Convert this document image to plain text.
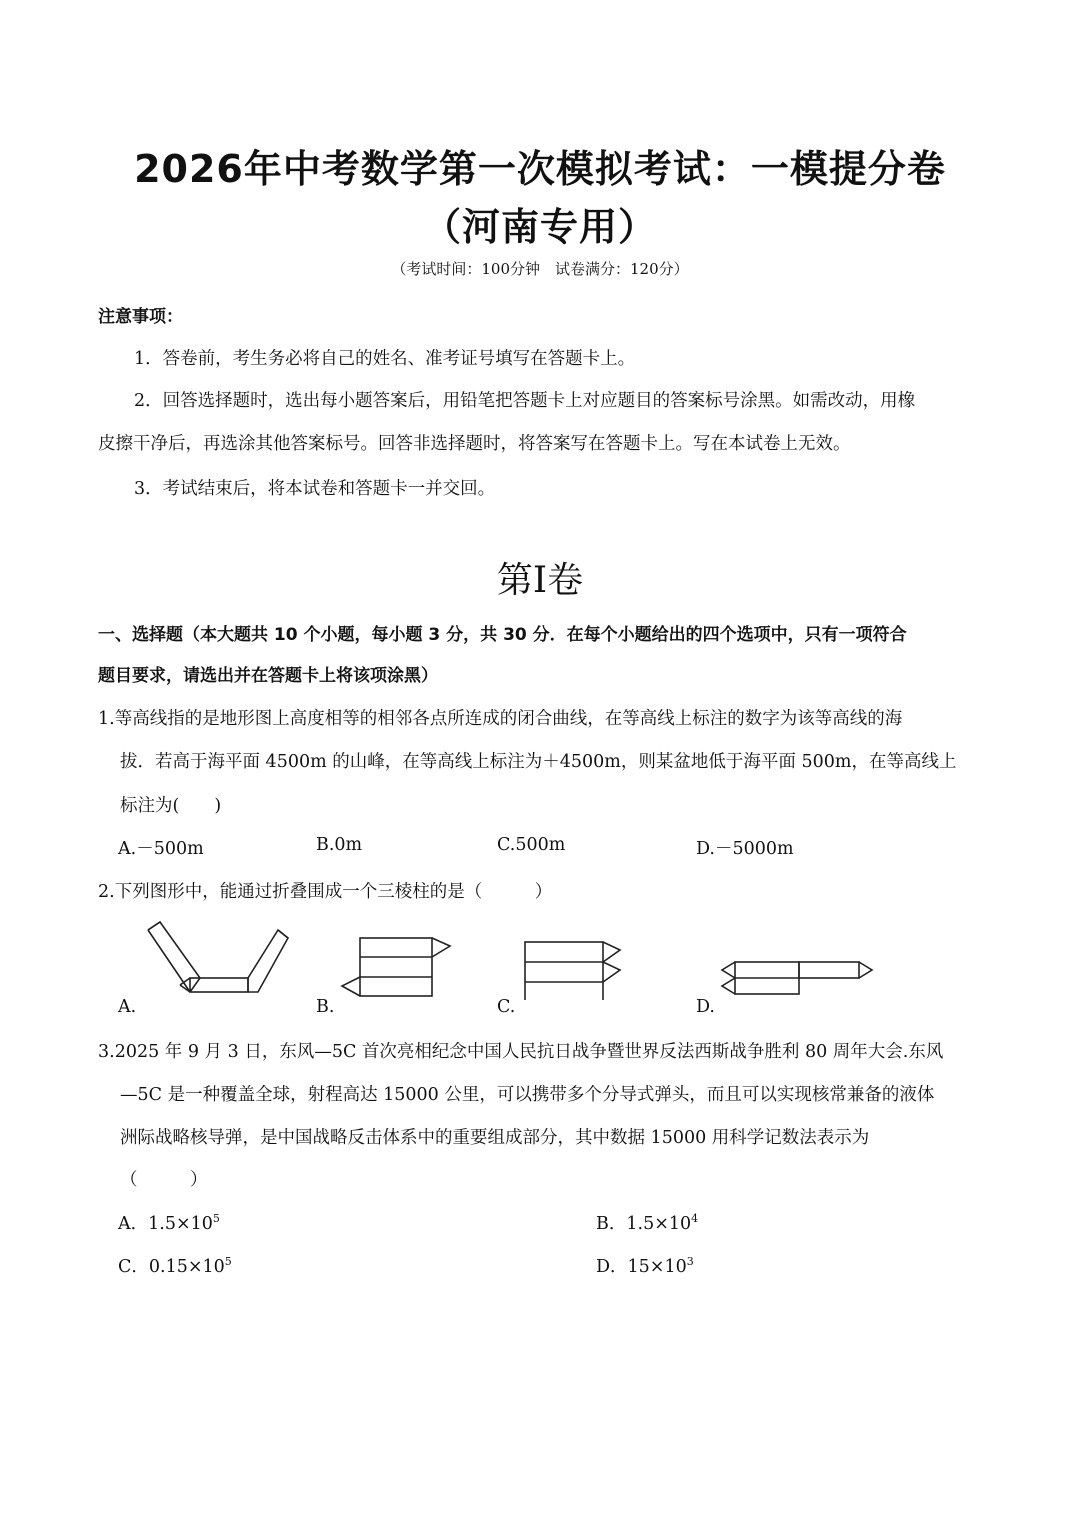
2026年中考数学第一次模拟考试：一模提分卷
（河南专用）
（考试时间：100分钟　试卷满分：120分）
注意事项：
1．答卷前，考生务必将自己的姓名、准考证号填写在答题卡上。
2．回答选择题时，选出每小题答案后，用铅笔把答题卡上对应题目的答案标号涂黑。如需改动，用橡
皮擦干净后，再选涂其他答案标号。回答非选择题时，将答案写在答题卡上。写在本试卷上无效。
3．考试结束后，将本试卷和答题卡一并交回。
第I卷
一、选择题（本大题共 10 个小题，每小题 3 分，共 30 分．在每个小题给出的四个选项中，只有一项符合
题目要求，请选出并在答题卡上将该项涂黑）
1.等高线指的是地形图上高度相等的相邻各点所连成的闭合曲线，在等高线上标注的数字为该等高线的海
拔．若高于海平面 4500m 的山峰，在等高线上标注为＋4500m，则某盆地低于海平面 500m，在等高线上
标注为(　　)
A.－500m	B.0m	C.500m	D.－5000m
2.下列图形中，能通过折叠围成一个三棱柱的是（　　　）
A.	B.	C.	D.
3.2025 年 9 月 3 日，东风—5C 首次亮相纪念中国人民抗日战争暨世界反法西斯战争胜利 80 周年大会.东风
—5C 是一种覆盖全球，射程高达 15000 公里，可以携带多个分导式弹头，而且可以实现核常兼备的液体
洲际战略核导弹，是中国战略反击体系中的重要组成部分，其中数据 15000 用科学记数法表示为
（　　　）
A．$1.5\times 10^5$	B．$1.5\times 10^4$
C．$0.15\times 10^5$	D．$15\times 10^3$
